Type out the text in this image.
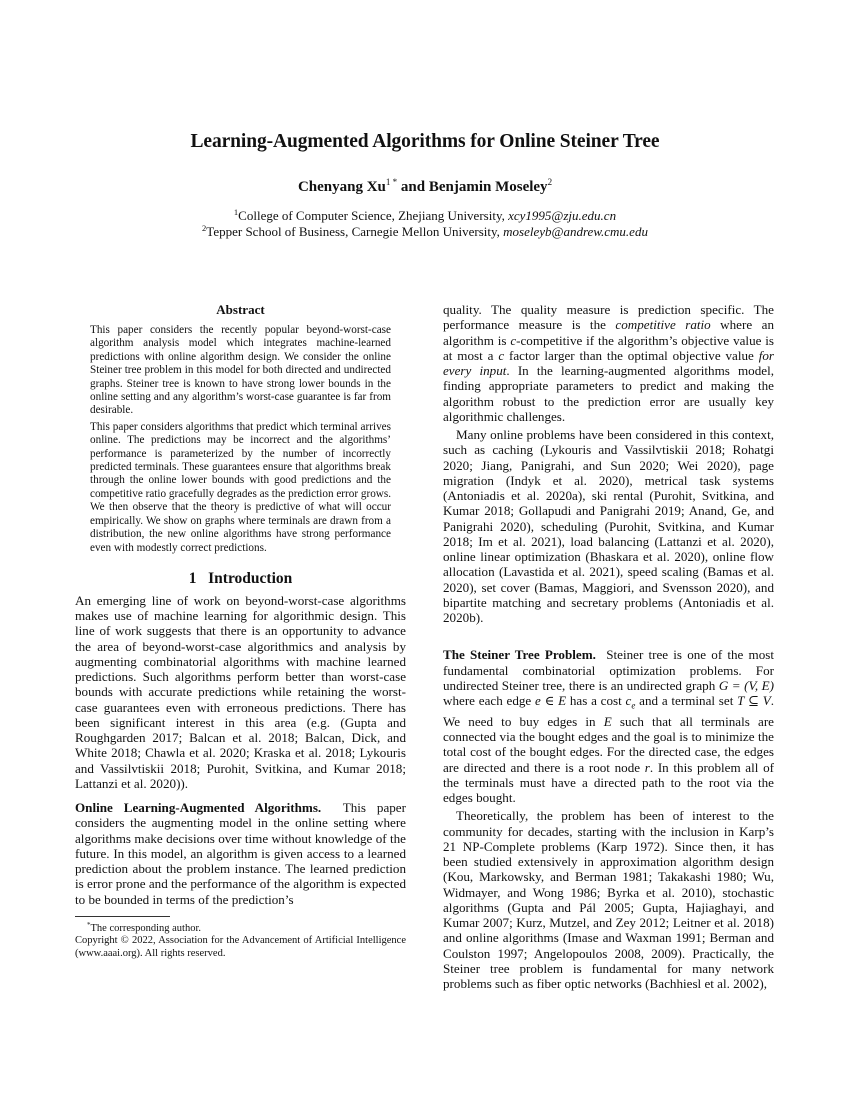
Learning-Augmented Algorithms for Online Steiner Tree
Chenyang $Xu^{1 *}$ and Benjamin Moseley$^2$
$^1$College of Computer Science, Zhejiang University, xcy1995@zju.edu.cn
$^2$Tepper School of Business, Carnegie Mellon University, moseleyb@andrew.cmu.edu
Abstract

This paper considers the recently popular beyond-worst-case algorithm analysis model which integrates machine-learned predictions with online algorithm design. We consider the online Steiner tree problem in this model for both directed and undirected graphs. Steiner tree is known to have strong lower bounds in the online setting and any algorithm’s worst-case guarantee is far from desirable.

This paper considers algorithms that predict which terminal arrives online. The predictions may be incorrect and the algorithms’ performance is parameterized by the number of incorrectly predicted terminals. These guarantees ensure that algorithms break through the online lower bounds with good predictions and the competitive ratio gracefully degrades as the prediction error grows. We then observe that the theory is predictive of what will occur empirically. We show on graphs where terminals are drawn from a distribution, the new online algorithms have strong performance even with modestly correct predictions.

1   Introduction

An emerging line of work on beyond-worst-case algorithms makes use of machine learning for algorithmic design. This line of work suggests that there is an opportunity to advance the area of beyond-worst-case algorithmics and analysis by augmenting combinatorial algorithms with machine learned predictions. Such algorithms perform better than worst-case bounds with accurate predictions while retaining the worst-case guarantees even with erroneous predictions. There has been significant interest in this area (e.g. (Gupta and Roughgarden 2017; Balcan et al. 2018; Balcan, Dick, and White 2018; Chawla et al. 2020; Kraska et al. 2018; Lykouris and Vassilvtiskii 2018; Purohit, Svitkina, and Kumar 2018; Lattanzi et al. 2020)).

Online Learning-Augmented Algorithms.  This paper considers the augmenting model in the online setting where algorithms make decisions over time without knowledge of the future. In this model, an algorithm is given access to a learned prediction about the problem instance. The learned prediction is error prone and the performance of the algorithm is expected to be bounded in terms of the prediction’s

*The corresponding author.

Copyright © 2022, Association for the Advancement of Artificial Intelligence (www.aaai.org). All rights reserved.

quality. The quality measure is prediction specific. The performance measure is the competitive ratio where an algorithm is c-competitive if the algorithm’s objective value is at most a c factor larger than the optimal objective value for every input. In the learning-augmented algorithms model, finding appropriate parameters to predict and making the algorithm robust to the prediction error are usually key algorithmic challenges.

Many online problems have been considered in this context, such as caching (Lykouris and Vassilvtiskii 2018; Rohatgi 2020; Jiang, Panigrahi, and Sun 2020; Wei 2020), page migration (Indyk et al. 2020), metrical task systems (Antoniadis et al. 2020a), ski rental (Purohit, Svitkina, and Kumar 2018; Gollapudi and Panigrahi 2019; Anand, Ge, and Panigrahi 2020), scheduling (Purohit, Svitkina, and Kumar 2018; Im et al. 2021), load balancing (Lattanzi et al. 2020), online linear optimization (Bhaskara et al. 2020), online flow allocation (Lavastida et al. 2021), speed scaling (Bamas et al. 2020), set cover (Bamas, Maggiori, and Svensson 2020), and bipartite matching and secretary problems (Antoniadis et al. 2020b).

The Steiner Tree Problem.  Steiner tree is one of the most fundamental combinatorial optimization problems. For undirected Steiner tree, there is an undirected graph G = (V, E) where each edge e ∈ E has a cost $c_e$ and a terminal set T ⊆ V. We need to buy edges in E such that all terminals are connected via the bought edges and the goal is to minimize the total cost of the bought edges. For the directed case, the edges are directed and there is a root node r. In this problem all of the terminals must have a directed path to the root via the edges bought.

Theoretically, the problem has been of interest to the community for decades, starting with the inclusion in Karp’s 21 NP-Complete problems (Karp 1972). Since then, it has been studied extensively in approximation algorithm design (Kou, Markowsky, and Berman 1981; Takakashi 1980; Wu, Widmayer, and Wong 1986; Byrka et al. 2010), stochastic algorithms (Gupta and Pál 2005; Gupta, Hajiaghayi, and Kumar 2007; Kurz, Mutzel, and Zey 2012; Leitner et al. 2018) and online algorithms (Imase and Waxman 1991; Berman and Coulston 1997; Angelopoulos 2008, 2009). Practically, the Steiner tree problem is fundamental for many network problems such as fiber optic networks (Bachhiesl et al. 2002),
